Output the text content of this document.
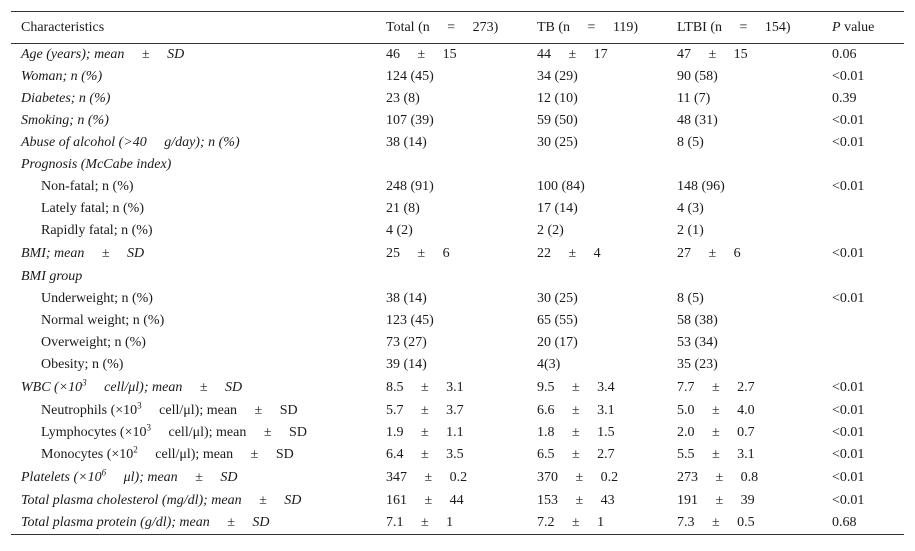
Characteristics	Total (n     =     273)	TB (n     =     119)	LTBI (n     =     154)	P value
Age (years); mean     ±     SD	46     ±     15	44     ±     17	47     ±     15	0.06
Woman; n (%)	124 (45)	34 (29)	90 (58)	<0.01
Diabetes; n (%)	23 (8)	12 (10)	11 (7)	0.39
Smoking; n (%)	107 (39)	59 (50)	48 (31)	<0.01
Abuse of alcohol (>40     g/day); n (%)	38 (14)	30 (25)	8 (5)	<0.01
Prognosis (McCabe index)				
Non-fatal; n (%)	248 (91)	100 (84)	148 (96)	<0.01
Lately fatal; n (%)	21 (8)	17 (14)	4 (3)	
Rapidly fatal; n (%)	4 (2)	2 (2)	2 (1)	
BMI; mean     ±     SD	25     ±     6	22     ±     4	27     ±     6	<0.01
BMI group				
Underweight; n (%)	38 (14)	30 (25)	8 (5)	<0.01
Normal weight; n (%)	123 (45)	65 (55)	58 (38)	
Overweight; n (%)	73 (27)	20 (17)	53 (34)	
Obesity; n (%)	39 (14)	4(3)	35 (23)	
WBC ($\times 10^3$     cell/μl); mean     ±     SD	8.5     ±     3.1	9.5     ±     3.4	7.7     ±     2.7	<0.01
Neutrophils ($\times 10^3$     cell/μl); mean     ±     SD	5.7     ±     3.7	6.6     ±     3.1	5.0     ±     4.0	<0.01
Lymphocytes ($\times 10^3$     cell/μl); mean     ±     SD	1.9     ±     1.1	1.8     ±     1.5	2.0     ±     0.7	<0.01
Monocytes ($\times 10^2$     cell/μl); mean     ±     SD	6.4     ±     3.5	6.5     ±     2.7	5.5     ±     3.1	<0.01
Platelets ($\times 10^6$     μl); mean     ±     SD	347     ±     0.2	370     ±     0.2	273     ±     0.8	<0.01
Total plasma cholesterol (mg/dl); mean     ±     SD	161     ±     44	153     ±     43	191     ±     39	<0.01
Total plasma protein (g/dl); mean     ±     SD	7.1     ±     1	7.2     ±     1	7.3     ±     0.5	0.68
